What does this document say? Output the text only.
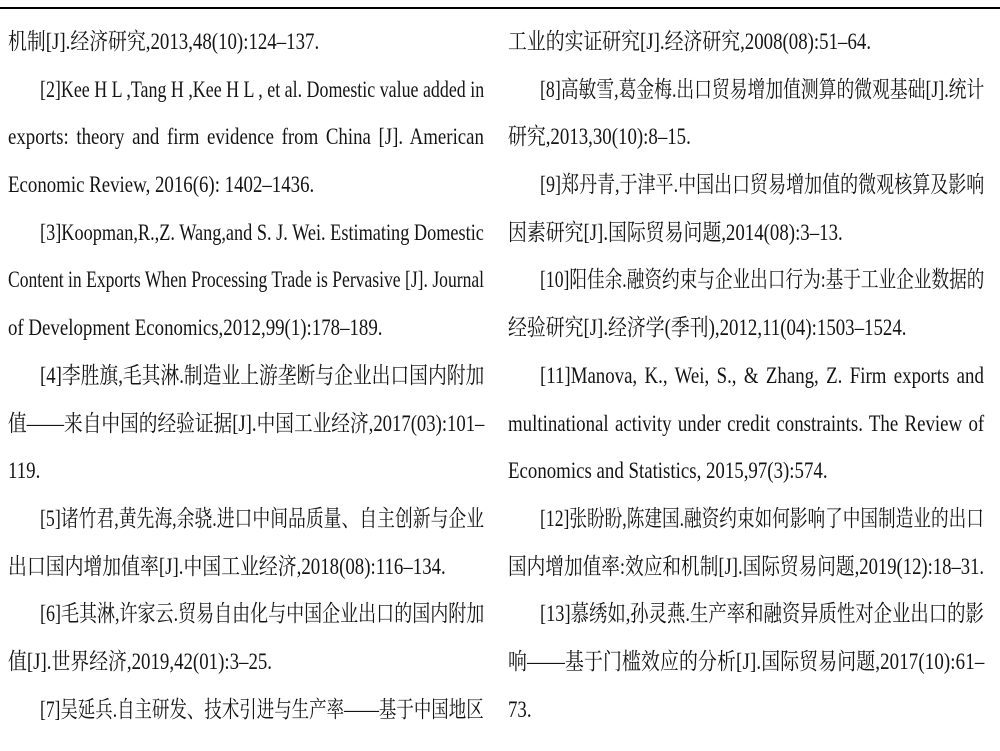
机制[J].经济研究,2013,48(10):124–137.
[2]Kee H L ,Tang H ,Kee H L , et al. Domestic value added in
exports: theory and firm evidence from China [J]. American
Economic Review, 2016(6): 1402–1436.
[3]Koopman,R.,Z. Wang,and S. J. Wei. Estimating Domestic
Content in Exports When Processing Trade is Pervasive [J]. Journal
of Development Economics,2012,99(1):178–189.
[4]李胜旗,毛其淋.制造业上游垄断与企业出口国内附加
值——来自中国的经验证据[J].中国工业经济,2017(03):101–
119.
[5]诸竹君,黄先海,余骁.进口中间品质量、自主创新与企业
出口国内增加值率[J].中国工业经济,2018(08):116–134.
[6]毛其淋,许家云.贸易自由化与中国企业出口的国内附加
值[J].世界经济,2019,42(01):3–25.
[7]吴延兵.自主研发、技术引进与生产率——基于中国地区
工业的实证研究[J].经济研究,2008(08):51–64.
[8]高敏雪,葛金梅.出口贸易增加值测算的微观基础[J].统计
研究,2013,30(10):8–15.
[9]郑丹青,于津平.中国出口贸易增加值的微观核算及影响
因素研究[J].国际贸易问题,2014(08):3–13.
[10]阳佳余.融资约束与企业出口行为:基于工业企业数据的
经验研究[J].经济学(季刊),2012,11(04):1503–1524.
[11]Manova, K., Wei, S., & Zhang, Z. Firm exports and
multinational activity under credit constraints. The Review of
Economics and Statistics, 2015,97(3):574.
[12]张盼盼,陈建国.融资约束如何影响了中国制造业的出口
国内增加值率:效应和机制[J].国际贸易问题,2019(12):18–31.
[13]慕绣如,孙灵燕.生产率和融资异质性对企业出口的影
响——基于门槛效应的分析[J].国际贸易问题,2017(10):61–
73.
